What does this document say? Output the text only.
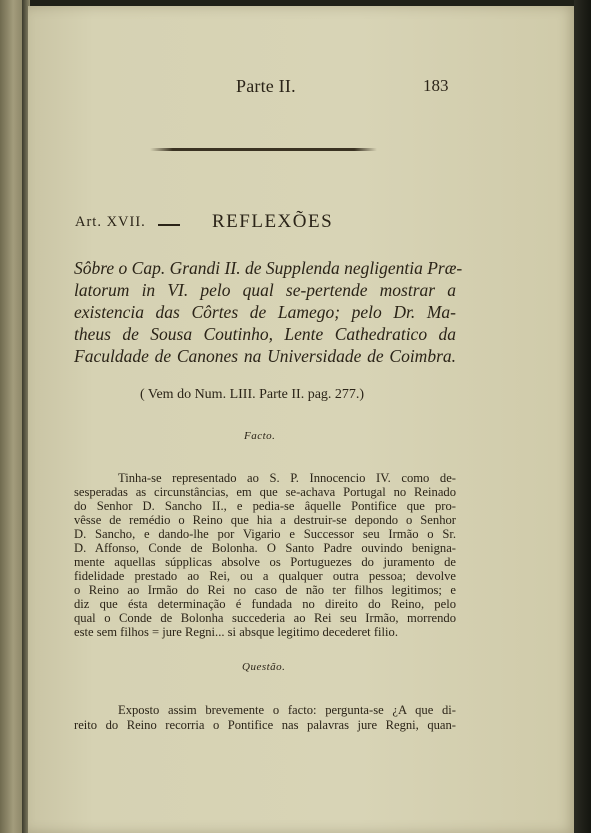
Parte II.	183
Art. XVII.	REFLEXÕES
Sôbre o Cap. Grandi II. de Supplenda negligentia Præ-
latorum in VI. pelo qual se-pertende mostrar a
existencia das Côrtes de Lamego; pelo Dr. Ma-
theus de Sousa Coutinho, Lente Cathedratico da
Faculdade de Canones na Universidade de Coimbra.
( Vem do Num. LIII. Parte II. pag. 277.)
Facto.
Tinha-se representado ao S. P. Innocencio IV. como de-
sesperadas as circunstâncias, em que se-achava Portugal no Reinado
do Senhor D. Sancho II., e pedia-se âquelle Pontifice que pro-
vêsse de remédio o Reino que hia a destruir-se depondo o Senhor
D. Sancho, e dando-lhe por Vigario e Successor seu Irmão o Sr.
D. Affonso, Conde de Bolonha. O Santo Padre ouvindo benigna-
mente aquellas súpplicas absolve os Portuguezes do juramento de
fidelidade prestado ao Rei, ou a qualquer outra pessoa; devolve
o Reino ao Irmão do Rei no caso de não ter filhos legitimos; e
diz que ésta determinação é fundada no direito do Reino, pelo
qual o Conde de Bolonha succederia ao Rei seu Irmão, morrendo
este sem filhos = jure Regni... si absque legitimo decederet filio.
Questão.
Exposto assim brevemente o facto: pergunta-se ¿A que di-
reito do Reino recorria o Pontifice nas palavras jure Regni, quan-
